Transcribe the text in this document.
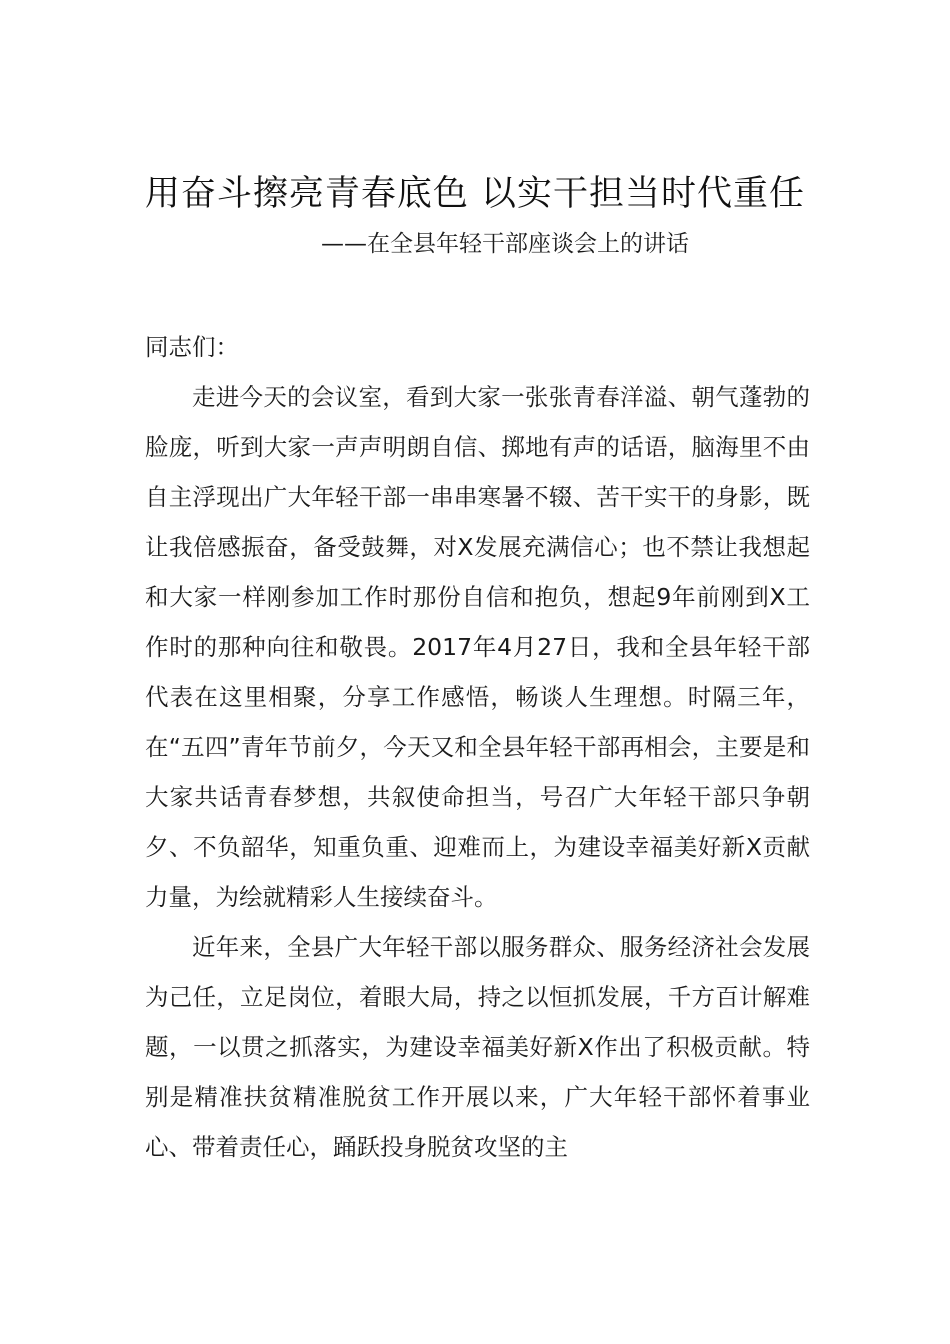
用奋斗擦亮青春底色 以实干担当时代重任
——在全县年轻干部座谈会上的讲话

同志们：

走进今天的会议室，看到大家一张张青春洋溢、朝气蓬勃的脸庞，听到大家一声声明朗自信、掷地有声的话语，脑海里不由自主浮现出广大年轻干部一串串寒暑不辍、苦干实干的身影，既让我倍感振奋，备受鼓舞，对X发展充满信心；也不禁让我想起和大家一样刚参加工作时那份自信和抱负，想起9年前刚到X工作时的那种向往和敬畏。2017年4月27日，我和全县年轻干部代表在这里相聚，分享工作感悟，畅谈人生理想。时隔三年，在“五四”青年节前夕，今天又和全县年轻干部再相会，主要是和大家共话青春梦想，共叙使命担当，号召广大年轻干部只争朝夕、不负韶华，知重负重、迎难而上，为建设幸福美好新X贡献力量，为绘就精彩人生接续奋斗。

近年来，全县广大年轻干部以服务群众、服务经济社会发展为己任，立足岗位，着眼大局，持之以恒抓发展，千方百计解难题，一以贯之抓落实，为建设幸福美好新X作出了积极贡献。特别是精准扶贫精准脱贫工作开展以来，广大年轻干部怀着事业心、带着责任心，踊跃投身脱贫攻坚的主
